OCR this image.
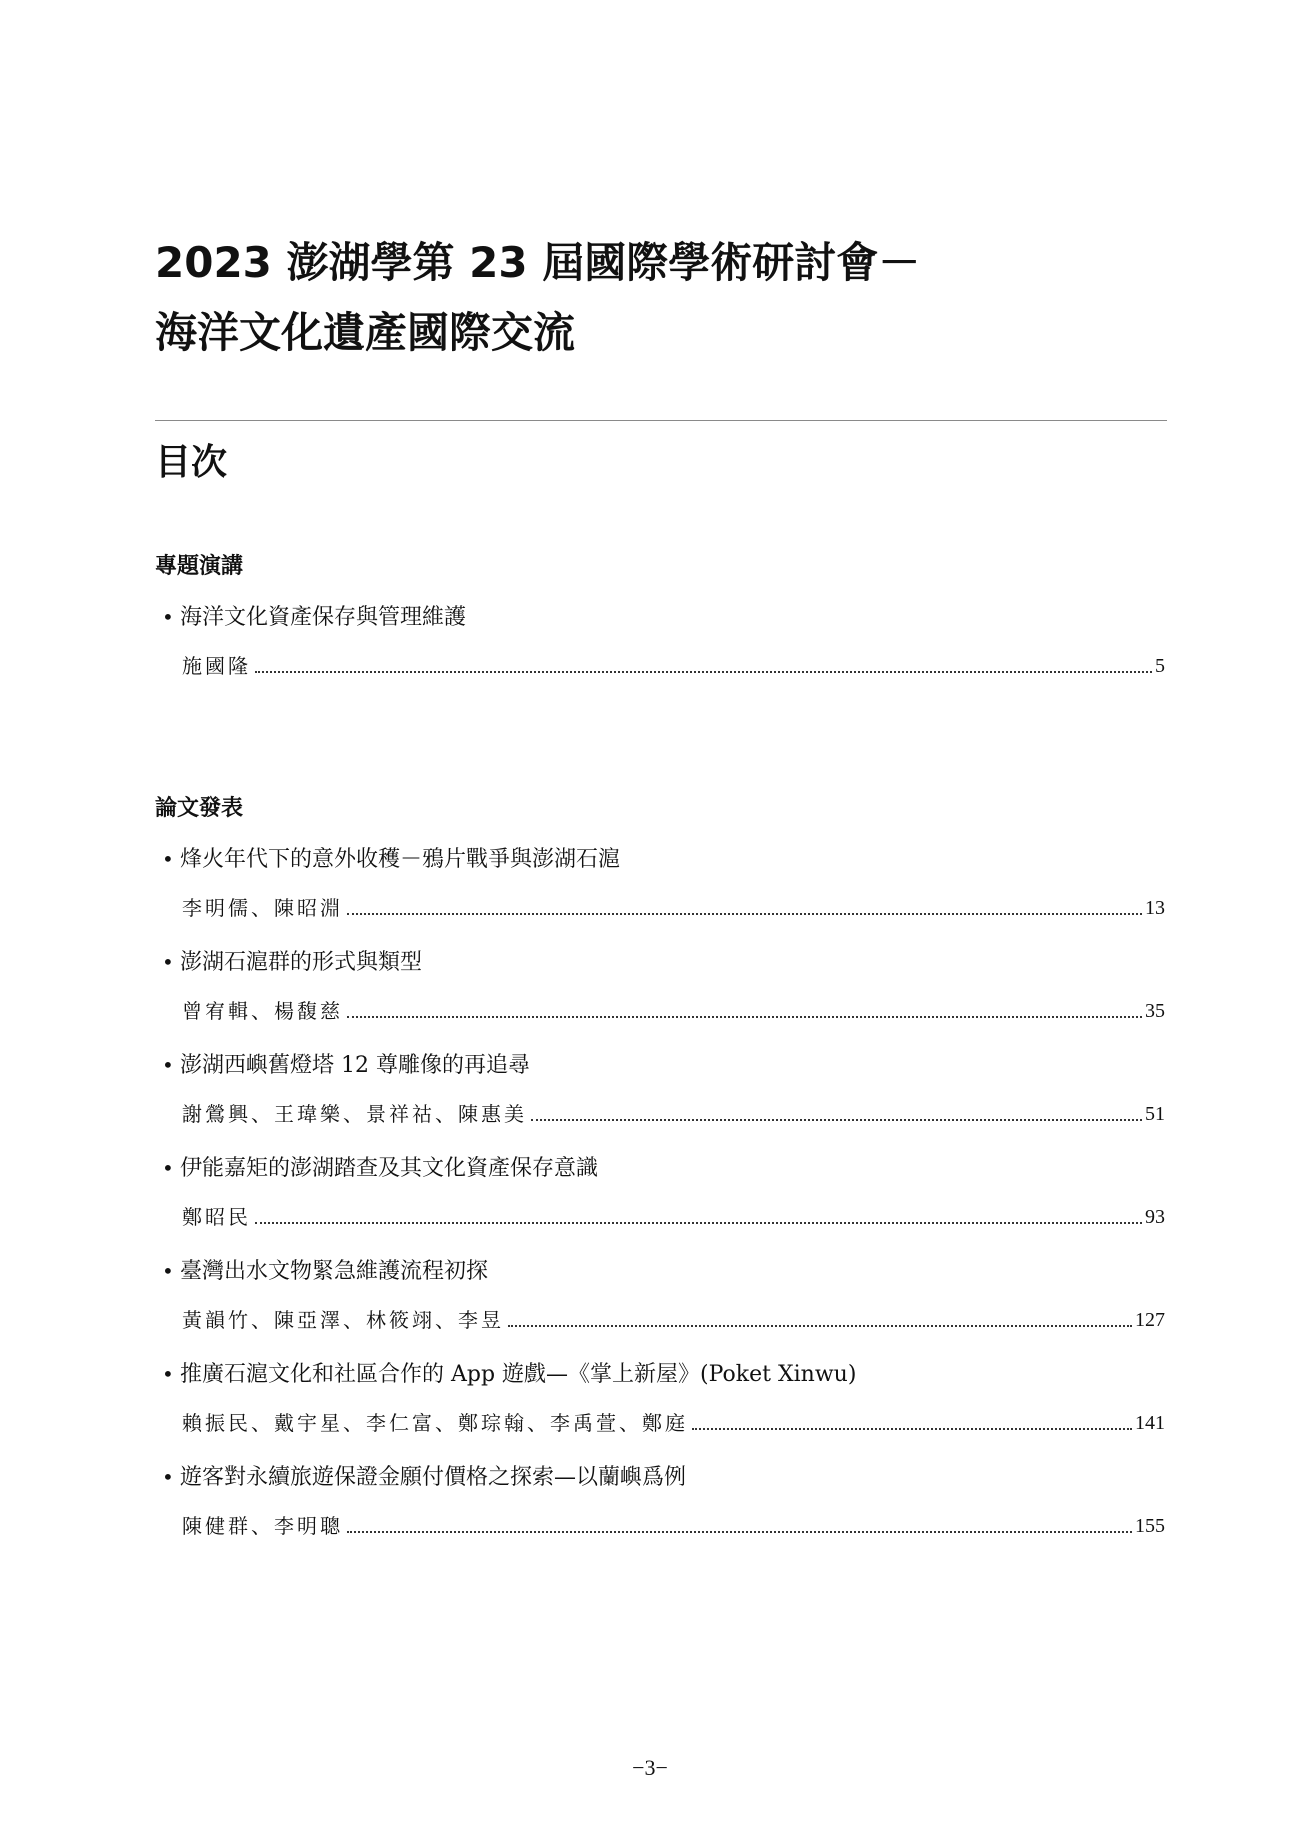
2023 澎湖學第 23 屆國際學術研討會－
海洋文化遺產國際交流
目次
專題演講
• 海洋文化資產保存與管理維護
施國隆	5
論文發表
• 烽火年代下的意外收穫－鴉片戰爭與澎湖石滬
李明儒、陳昭淵	13
• 澎湖石滬群的形式與類型
曾宥輯、楊馥慈	35
• 澎湖西嶼舊燈塔 12 尊雕像的再追尋
謝鶯興、王瑋樂、景祥祜、陳惠美	51
• 伊能嘉矩的澎湖踏查及其文化資產保存意識
鄭昭民	93
• 臺灣出水文物緊急維護流程初探
黃韻竹、陳亞澤、林筱翊、李昱	127
• 推廣石滬文化和社區合作的 App 遊戲—《掌上新屋》(Poket Xinwu)
賴振民、戴宇星、李仁富、鄭琮翰、李禹萱、鄭庭	141
• 遊客對永續旅遊保證金願付價格之探索—以蘭嶼爲例
陳健群、李明聰	155
−3−
